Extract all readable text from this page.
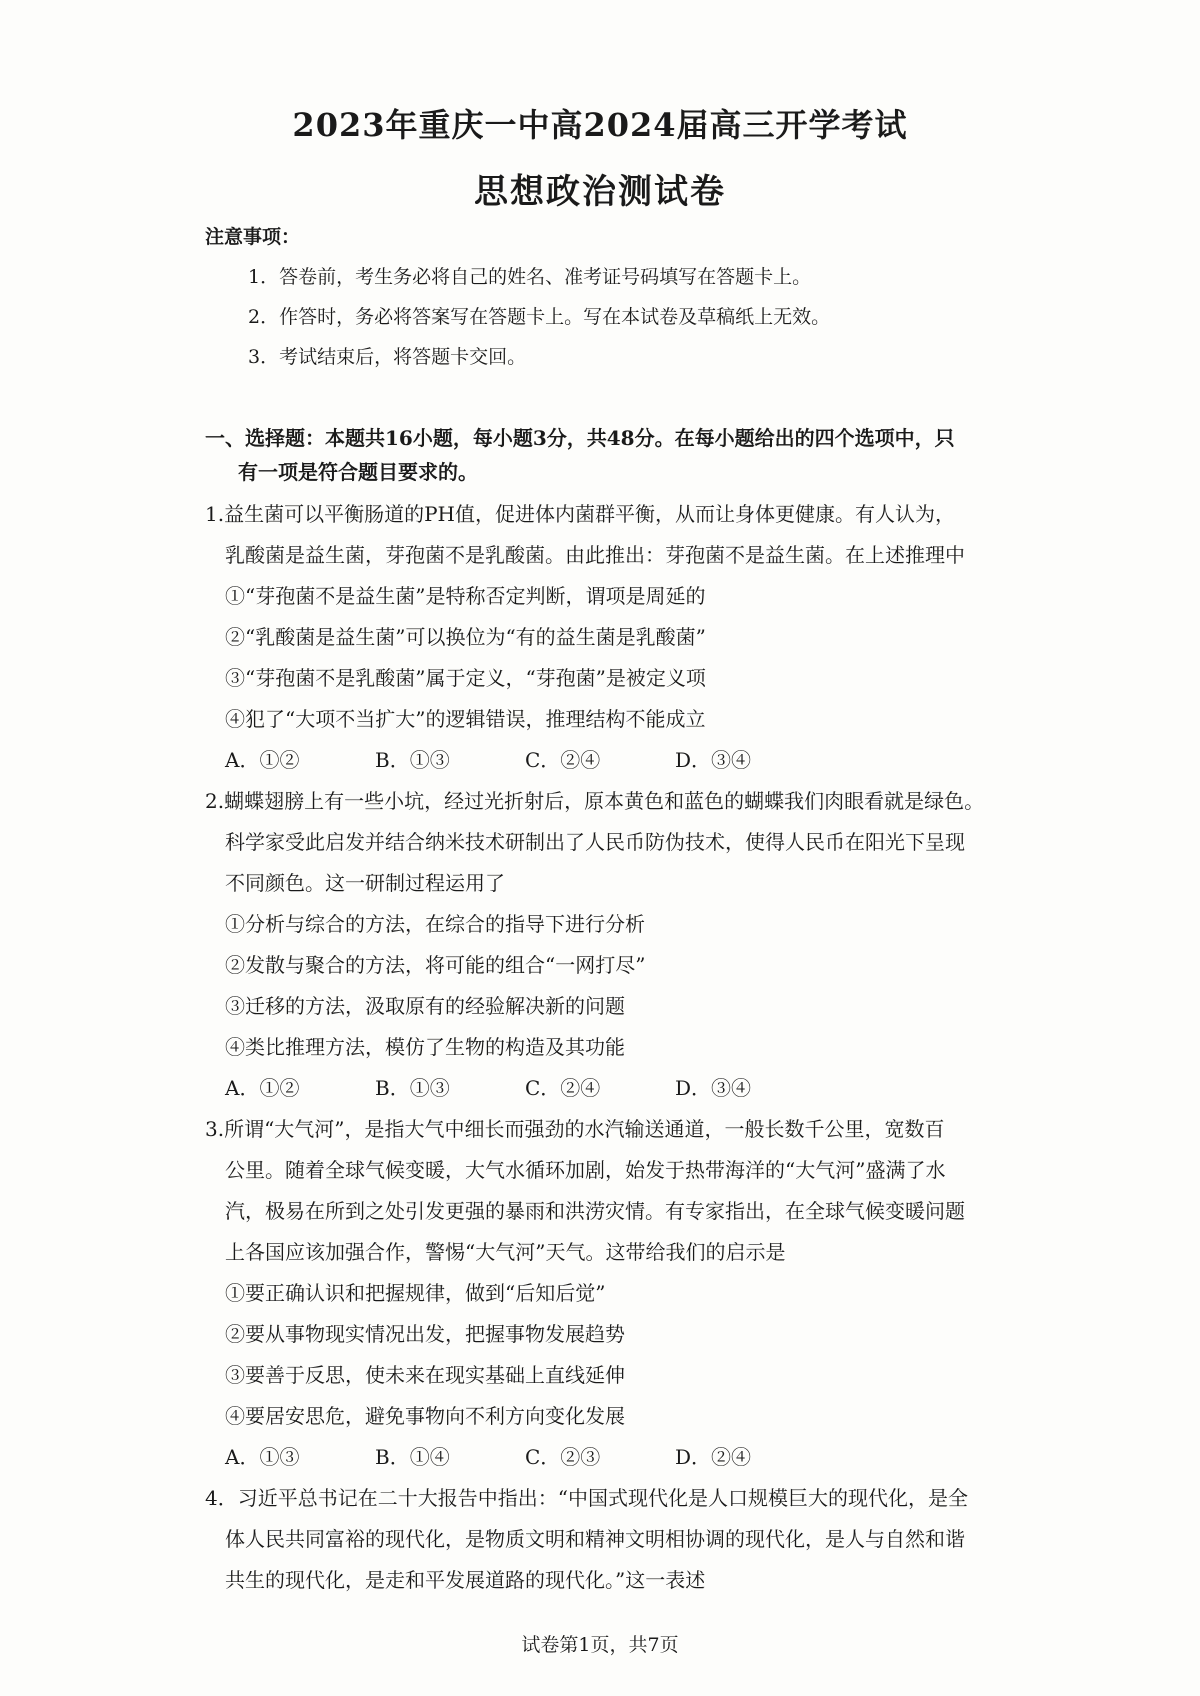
2023年重庆一中高2024届高三开学考试
思想政治测试卷
注意事项：
1．答卷前，考生务必将自己的姓名、准考证号码填写在答题卡上。
2．作答时，务必将答案写在答题卡上。写在本试卷及草稿纸上无效。
3．考试结束后，将答题卡交回。
一、选择题：本题共16小题，每小题3分，共48分。在每小题给出的四个选项中，只
有一项是符合题目要求的。
1.益生菌可以平衡肠道的PH值，促进体内菌群平衡，从而让身体更健康。有人认为，
乳酸菌是益生菌，芽孢菌不是乳酸菌。由此推出：芽孢菌不是益生菌。在上述推理中
①“芽孢菌不是益生菌”是特称否定判断，谓项是周延的
②“乳酸菌是益生菌”可以换位为“有的益生菌是乳酸菌”
③“芽孢菌不是乳酸菌”属于定义，“芽孢菌”是被定义项
④犯了“大项不当扩大”的逻辑错误，推理结构不能成立
A．①②	B．①③	C．②④	D．③④
2.蝴蝶翅膀上有一些小坑，经过光折射后，原本黄色和蓝色的蝴蝶我们肉眼看就是绿色。
科学家受此启发并结合纳米技术研制出了人民币防伪技术，使得人民币在阳光下呈现
不同颜色。这一研制过程运用了
①分析与综合的方法，在综合的指导下进行分析
②发散与聚合的方法，将可能的组合“一网打尽”
③迁移的方法，汲取原有的经验解决新的问题
④类比推理方法，模仿了生物的构造及其功能
A．①②	B．①③	C．②④	D．③④
3.所谓“大气河”，是指大气中细长而强劲的水汽输送通道，一般长数千公里，宽数百
公里。随着全球气候变暖，大气水循环加剧，始发于热带海洋的“大气河”盛满了水
汽，极易在所到之处引发更强的暴雨和洪涝灾情。有专家指出，在全球气候变暖问题
上各国应该加强合作，警惕“大气河”天气。这带给我们的启示是
①要正确认识和把握规律，做到“后知后觉”
②要从事物现实情况出发，把握事物发展趋势
③要善于反思，使未来在现实基础上直线延伸
④要居安思危，避免事物向不利方向变化发展
A．①③	B．①④	C．②③	D．②④
4．习近平总书记在二十大报告中指出：“中国式现代化是人口规模巨大的现代化，是全
体人民共同富裕的现代化，是物质文明和精神文明相协调的现代化，是人与自然和谐
共生的现代化，是走和平发展道路的现代化。”这一表述
试卷第1页，共7页
